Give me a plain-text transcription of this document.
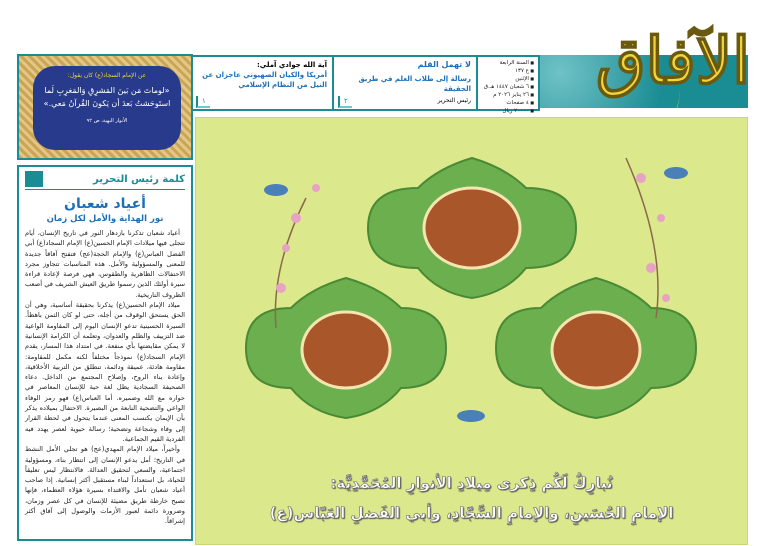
الآفاق
■ السنة الرابعة
■ ع ١٣٧
■ الإثنين
■ ٦ شعبان ١٤٤٧ هـ.ق
■ ٢٦ يناير ٢٠٢٦ م
■ ٤ صفحات
■ ٢٠٠٠٠ ريال
لا تهمل القلم
رسالة إلى طلاب العلم في طريق الحقيقة
رئيس التحرير
٢
آية الله جوادي آملي:
أمريكا والكيان الصهيوني عاجزان عن النيل من النظام الإسلامي
١
عن الإمام السجاد(ع) كان يقول:
«لوماتَ مَن بَينَ المَشرِقِ وَالمَغرِبِ لَما استَوحَشتُ بَعدَ أن يَكونَ القُرآنُ مَعي.»
الأنوار البهية، ص ٩٢
كلمة رئيس التحرير
أعياد شعبان
نور الهداية والأمل لكل زمان

أعياد شعبان تذكرنا بازدهار النور في تاريخ الإنسان، أيام تتجلى فيها ميلادات الإمام الحسين(ع) الإمام السجاد(ع) أبي الفضل العباس(ع) والإمام الحجة(عج) فتفتح آفاقاً جديدة للمعنى والمسؤولية والأمل. هذه المناسبات تتجاوز مجرد الاحتفالات الظاهرية والطقوس، فهي فرصة لإعادة قراءة سيرة أولئك الذين رسموا طريق العيش الشريف في أصعب الظروف التاريخية.

ميلاد الإمام الحسين(ع) يذكرنا بحقيقة أساسية، وهي أن الحق يستحق الوقوف من أجله، حتى لو كان الثمن باهظاً. السيرة الحسينية تدعو الإنسان اليوم إلى المقاومة الواعية ضد التزييف والظلم والعدوان، وتعلمه أن الكرامة الإنسانية لا يمكن مقايضتها بأي منفعة. في امتداد هذا المسار، يقدم الإمام السجاد(ع) نموذجاً مختلفاً لكنه مكمل للمقاومة: مقاومة هادئة، عميقة ودائمة، تنطلق من التربية الأخلاقية، وإعادة بناء الروح، وإصلاح المجتمع من الداخل. دعاء الصحيفة السجادية يظل لغة حية للإنسان المعاصر في حواره مع الله وضميره. أما العباس(ع) فهو رمز الوفاء الواعي والتضحية النابعة من البصيرة. الاحتفال بميلاده يذكر بأن الإيمان يكتسب المعنى عندما يتحول في لحظة القرار إلى وفاء وشجاعة وتضحية؛ رسالة حيوية لعصر يهدد فيه الفردية القيم الجماعية.

وأخيراً، ميلاد الإمام المهدي(عج) هو تجلي الأمل النشط في التاريخ؛ أمل يدعو الإنسان إلى انتظار بناء، ومسؤولية اجتماعية، والسعي لتحقيق العدالة. فالانتظار ليس تعليقاً للحياة، بل استعداداً لبناء مستقبل أكثر إنسانية. إذا صاحب أعياد شعبان تأمل والاقتداء بسيرة هؤلاء العظماء، فإنها تصبح خارطة طريق مضيئة للإنسان في كل عصر وزمان، وضرورة دائمة لعبور الأزمات والوصول إلى آفاق أكثر إشراقاً.

نُبارِكُ لَكُم ذِكرى مِيلادِ الأنوارِ المُحَمَّدِيَّة:
الإمامِ الحُسَينِ، والإمامِ السَّجّادِ، وأبي الفَضلِ العَبّاس(ع)
